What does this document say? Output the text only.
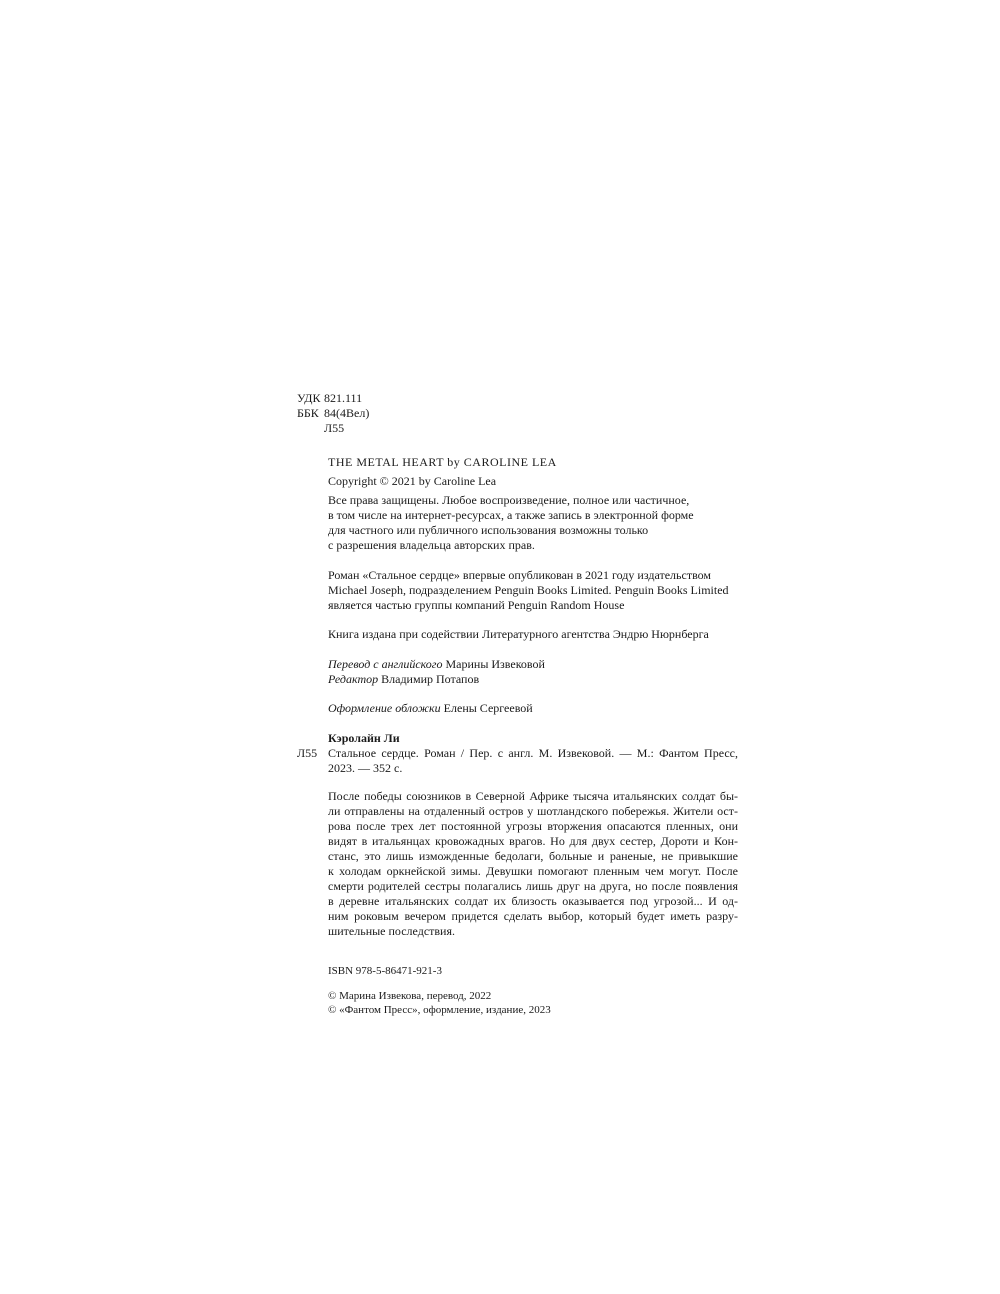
УДК 821.111
ББК 84(4Вел)
Л55
THE METAL HEART by CAROLINE LEA
Copyright © 2021 by Caroline Lea
Все права защищены. Любое воспроизведение, полное или частичное,
в том числе на интернет-ресурсах, а также запись в электронной форме
для частного или публичного использования возможны только
с разрешения владельца авторских прав.
Роман «Стальное сердце» впервые опубликован в 2021 году издательством
Michael Joseph, подразделением Penguin Books Limited. Penguin Books Limited
является частью группы компаний Penguin Random House
Книга издана при содействии Литературного агентства Эндрю Нюрнберга
Перевод с английского Марины Извековой
Редактор Владимир Потапов
Оформление обложки Елены Сергеевой
Кэролайн Ли
Л55 Стальное сердце. Роман / Пер. с англ. М. Извековой. — М.: Фантом Пресс,
2023. — 352 с.
После победы союзников в Северной Африке тысяча итальянских солдат бы-
ли отправлены на отдаленный остров у шотландского побережья. Жители ост-
рова после трех лет постоянной угрозы вторжения опасаются пленных, они
видят в итальянцах кровожадных врагов. Но для двух сестер, Дороти и Кон-
станс, это лишь изможденные бедолаги, больные и раненые, не привыкшие
к холодам оркнейской зимы. Девушки помогают пленным чем могут. После
смерти родителей сестры полагались лишь друг на друга, но после появления
в деревне итальянских солдат их близость оказывается под угрозой... И од-
ним роковым вечером придется сделать выбор, который будет иметь разру-
шительные последствия.
ISBN 978-5-86471-921-3
© Марина Извекова, перевод, 2022
© «Фантом Пресс», оформление, издание, 2023
